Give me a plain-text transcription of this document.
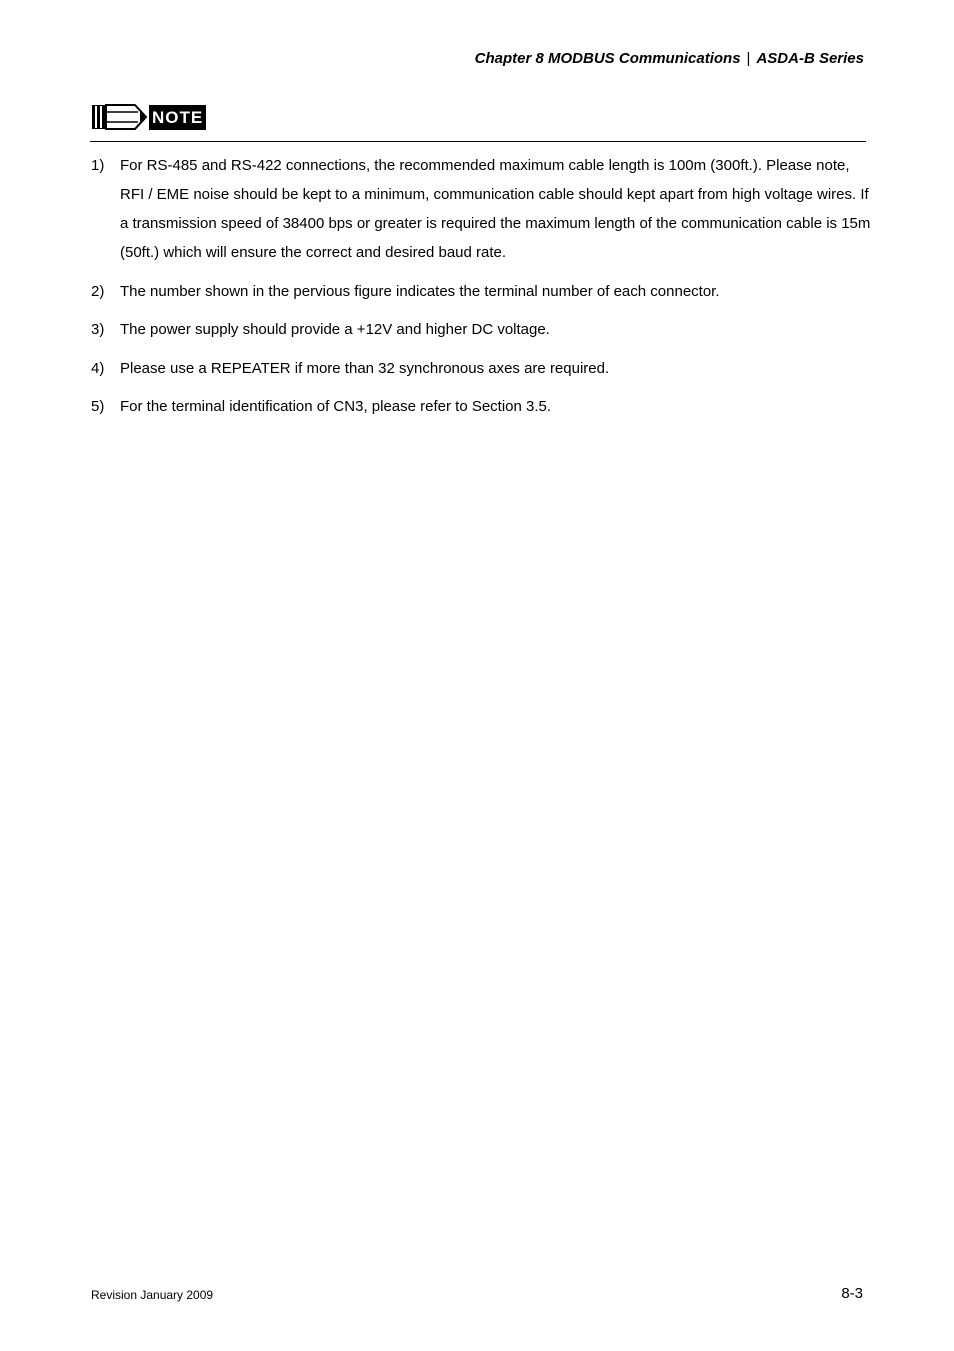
Chapter 8 MODBUS Communications | ASDA-B Series
NOTE
1)	For RS-485 and RS-422 connections, the recommended maximum cable length is 100m (300ft.). Please note, RFI / EME noise should be kept to a minimum, communication cable should kept apart from high voltage wires. If a transmission speed of 38400 bps or greater is required the maximum length of the communication cable is 15m (50ft.) which will ensure the correct and desired baud rate.
2)	The number shown in the pervious figure indicates the terminal number of each connector.
3)	The power supply should provide a +12V and higher DC voltage.
4)	Please use a REPEATER if more than 32 synchronous axes are required.
5)	For the terminal identification of CN3, please refer to Section 3.5.
Revision January 2009	8-3
